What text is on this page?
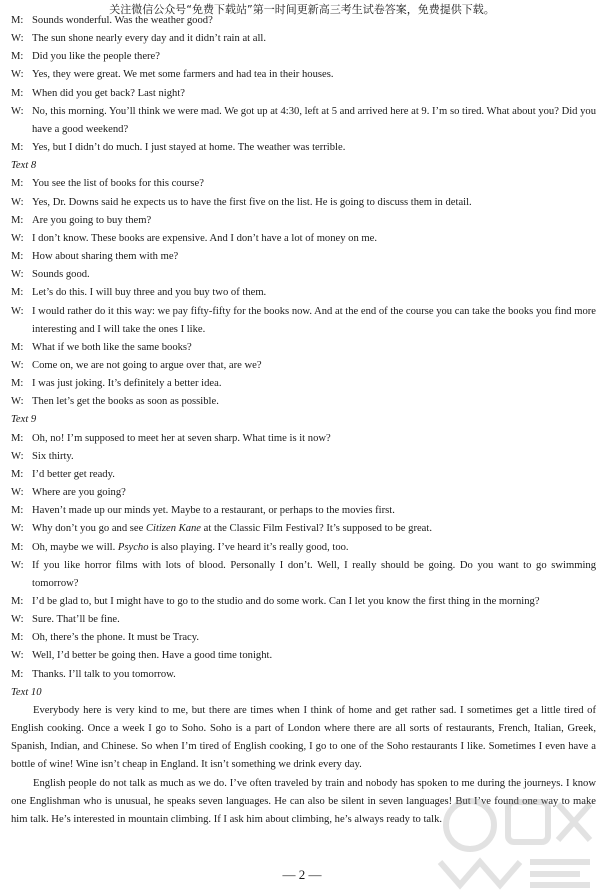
关注微信公众号“免费下载站”第一时间更新高三考生试卷答案，免费提供下载。
M: Sounds wonderful. Was the weather good?
W: The sun shone nearly every day and it didn’t rain at all.
M: Did you like the people there?
W: Yes, they were great. We met some farmers and had tea in their houses.
M: When did you get back? Last night?
W: No, this morning. You’ll think we were mad. We got up at 4:30, left at 5 and arrived here at 9. I’m so tired. What about you? Did you have a good weekend?
M: Yes, but I didn’t do much. I just stayed at home. The weather was terrible.
Text 8
M: You see the list of books for this course?
W: Yes, Dr. Downs said he expects us to have the first five on the list. He is going to discuss them in detail.
M: Are you going to buy them?
W: I don’t know. These books are expensive. And I don’t have a lot of money on me.
M: How about sharing them with me?
W: Sounds good.
M: Let’s do this. I will buy three and you buy two of them.
W: I would rather do it this way: we pay fifty-fifty for the books now. And at the end of the course you can take the books you find more interesting and I will take the ones I like.
M: What if we both like the same books?
W: Come on, we are not going to argue over that, are we?
M: I was just joking. It’s definitely a better idea.
W: Then let’s get the books as soon as possible.
Text 9
M: Oh, no! I’m supposed to meet her at seven sharp. What time is it now?
W: Six thirty.
M: I’d better get ready.
W: Where are you going?
M: Haven’t made up our minds yet. Maybe to a restaurant, or perhaps to the movies first.
W: Why don’t you go and see Citizen Kane at the Classic Film Festival? It’s supposed to be great.
M: Oh, maybe we will. Psycho is also playing. I’ve heard it’s really good, too.
W: If you like horror films with lots of blood. Personally I don’t. Well, I really should be going. Do you want to go swimming tomorrow?
M: I’d be glad to, but I might have to go to the studio and do some work. Can I let you know the first thing in the morning?
W: Sure. That’ll be fine.
M: Oh, there’s the phone. It must be Tracy.
W: Well, I’d better be going then. Have a good time tonight.
M: Thanks. I’ll talk to you tomorrow.
Text 10
Everybody here is very kind to me, but there are times when I think of home and get rather sad. I sometimes get a little tired of English cooking. Once a week I go to Soho. Soho is a part of London where there are all sorts of restaurants, French, Italian, Greek, Spanish, Indian, and Chinese. So when I’m tired of English cooking, I go to one of the Soho restaurants I like. Sometimes I even have a bottle of wine! Wine isn’t cheap in England. It isn’t something we drink every day.
English people do not talk as much as we do. I’ve often traveled by train and nobody has spoken to me during the journeys. I know one Englishman who is unusual, he speaks seven languages. He can also be silent in seven languages! But I’ve found one way to make him talk. He’s interested in mountain climbing. If I ask him about climbing, he’s always ready to talk.
— 2 —
